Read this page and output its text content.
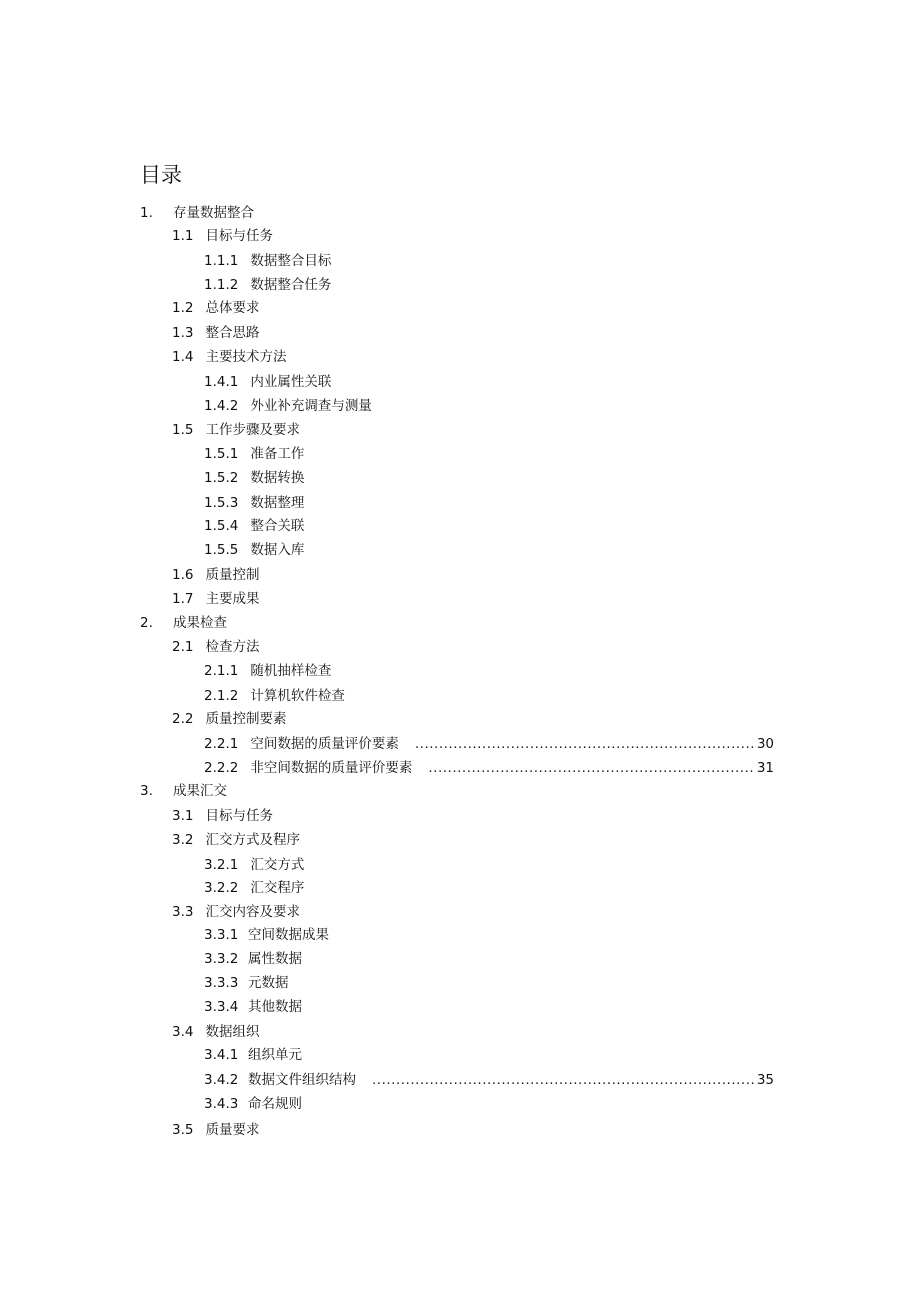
目录
1.	存量数据整合
1.1 目标与任务
1.1.1 数据整合目标
1.1.2 数据整合任务
1.2 总体要求
1.3 整合思路
1.4 主要技术方法
1.4.1 内业属性关联
1.4.2 外业补充调查与测量
1.5 工作步骤及要求
1.5.1 准备工作
1.5.2 数据转换
1.5.3 数据整理
1.5.4 整合关联
1.5.5 数据入库
1.6 质量控制
1.7 主要成果
2.	成果检查
2.1 检查方法
2.1.1 随机抽样检查
2.1.2 计算机软件检查
2.2 质量控制要素
2.2.1 空间数据的质量评价要素 .....	30
2.2.2 非空间数据的质量评价要素 .....	31
3.	成果汇交
3.1 目标与任务
3.2 汇交方式及程序
3.2.1 汇交方式
3.2.2 汇交程序
3.3 汇交内容及要求
3.3.1 空间数据成果
3.3.2 属性数据
3.3.3 元数据
3.3.4 其他数据
3.4 数据组织
3.4.1 组织单元
3.4.2 数据文件组织结构 .....	35
3.4.3 命名规则
3.5 质量要求
